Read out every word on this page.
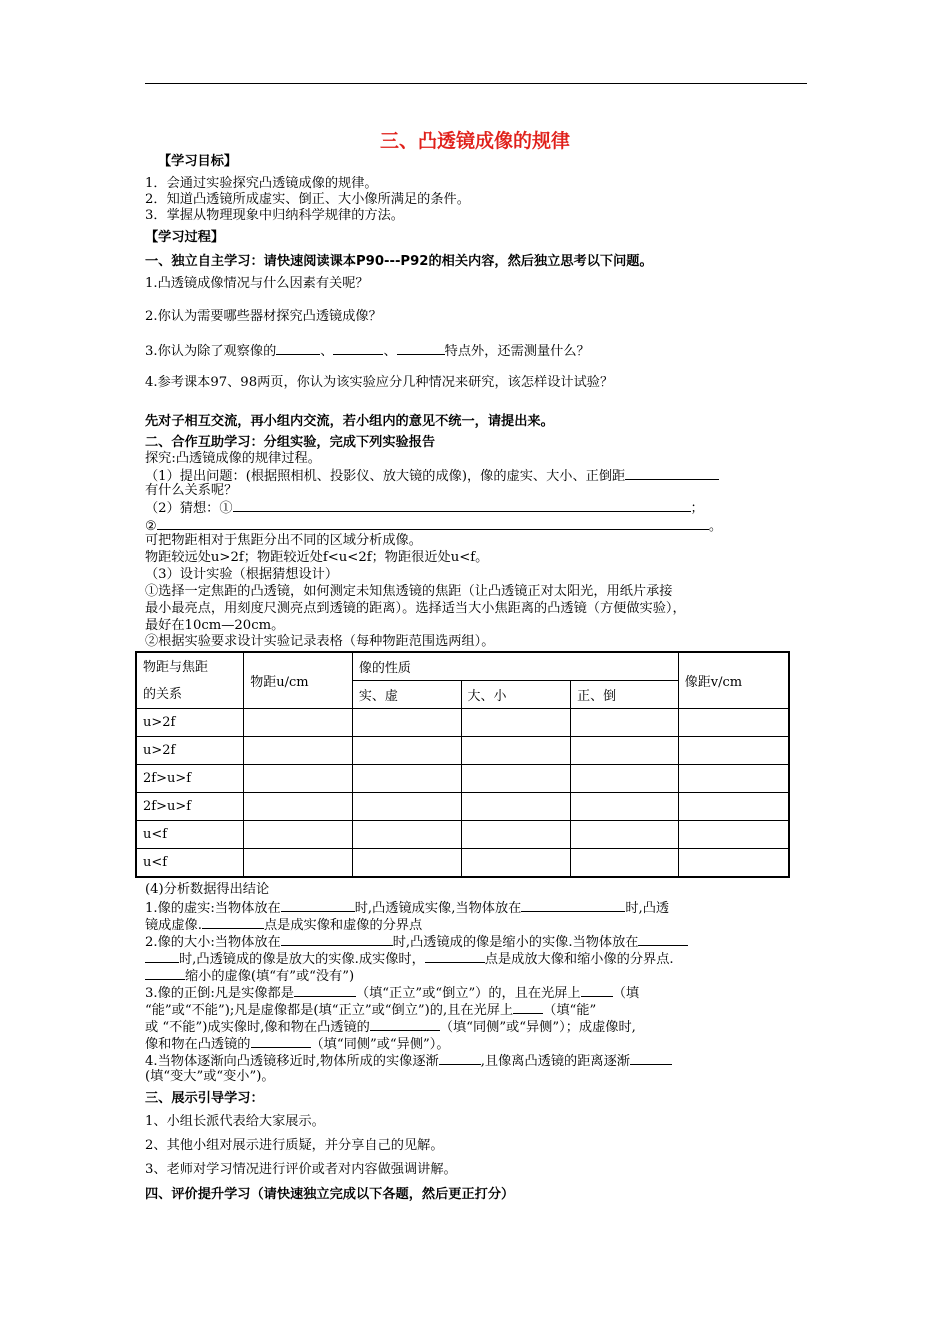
三、凸透镜成像的规律
【学习目标】
1．会通过实验探究凸透镜成像的规律。
2．知道凸透镜所成虚实、倒正、大小像所满足的条件。
3．掌握从物理现象中归纳科学规律的方法。
【学习过程】
一、独立自主学习：请快速阅读课本P90---P92的相关内容，然后独立思考以下问题。
1.凸透镜成像情况与什么因素有关呢？
2.你认为需要哪些器材探究凸透镜成像？
3.你认为除了观察像的	、	、	特点外，还需测量什么？
4.参考课本97、98两页，你认为该实验应分几种情况来研究，该怎样设计试验？
先对子相互交流，再小组内交流，若小组内的意见不统一，请提出来。
二、合作互助学习：分组实验，完成下列实验报告
探究:凸透镜成像的规律过程。
（1）提出问题：(根据照相机、投影仪、放大镜的成像)，像的虚实、大小、正倒距
有什么关系呢？
（2）猜想：①	；
②	。
可把物距相对于焦距分出不同的区域分析成像。
物距较远处u>2f；物距较近处f<u<2f；物距很近处u<f。
（3）设计实验（根据猜想设计）
①选择一定焦距的凸透镜，如何测定未知焦透镜的焦距（让凸透镜正对太阳光，用纸片承接
最小最亮点，用刻度尺测亮点到透镜的距离）。选择适当大小焦距离的凸透镜（方便做实验），
最好在10cm—20cm。
②根据实验要求设计实验记录表格（每种物距范围选两组）。
物距与焦距
的关系	物距u/cm	像的性质			像距v/cm
		实、虚	大、小	正、倒	
u>2f					
u>2f					
2f>u>f					
2f>u>f					
u<f					
u<f					
(4)分析数据得出结论
1.像的虚实:当物体放在	时,凸透镜成实像,当物体放在	时,凸透
镜成虚像.	点是成实像和虚像的分界点
2.像的大小:当物体放在	时,凸透镜成的像是缩小的实像.当物体放在
时,凸透镜成的像是放大的实像.成实像时，	点是成放大像和缩小像的分界点.
缩小的虚像(填“有”或“没有”)
3.像的正倒:凡是实像都是	（填“正立”或“倒立”）的，且在光屏上 （填
“能”或“不能”);凡是虚像都是(填“正立”或“倒立”)的,且在光屏上 （填“能”
或 “不能”)成实像时,像和物在凸透镜的	（填“同侧”或“异侧”）；成虚像时,
像和物在凸透镜的	（填“同侧”或“异侧”）。
4.当物体逐渐向凸透镜移近时,物体所成的实像逐渐	,且像离凸透镜的距离逐渐
(填“变大”或“变小”)。
三、展示引导学习：
1、小组长派代表给大家展示。
2、其他小组对展示进行质疑，并分享自己的见解。
3、老师对学习情况进行评价或者对内容做强调讲解。
四、评价提升学习（请快速独立完成以下各题，然后更正打分）
